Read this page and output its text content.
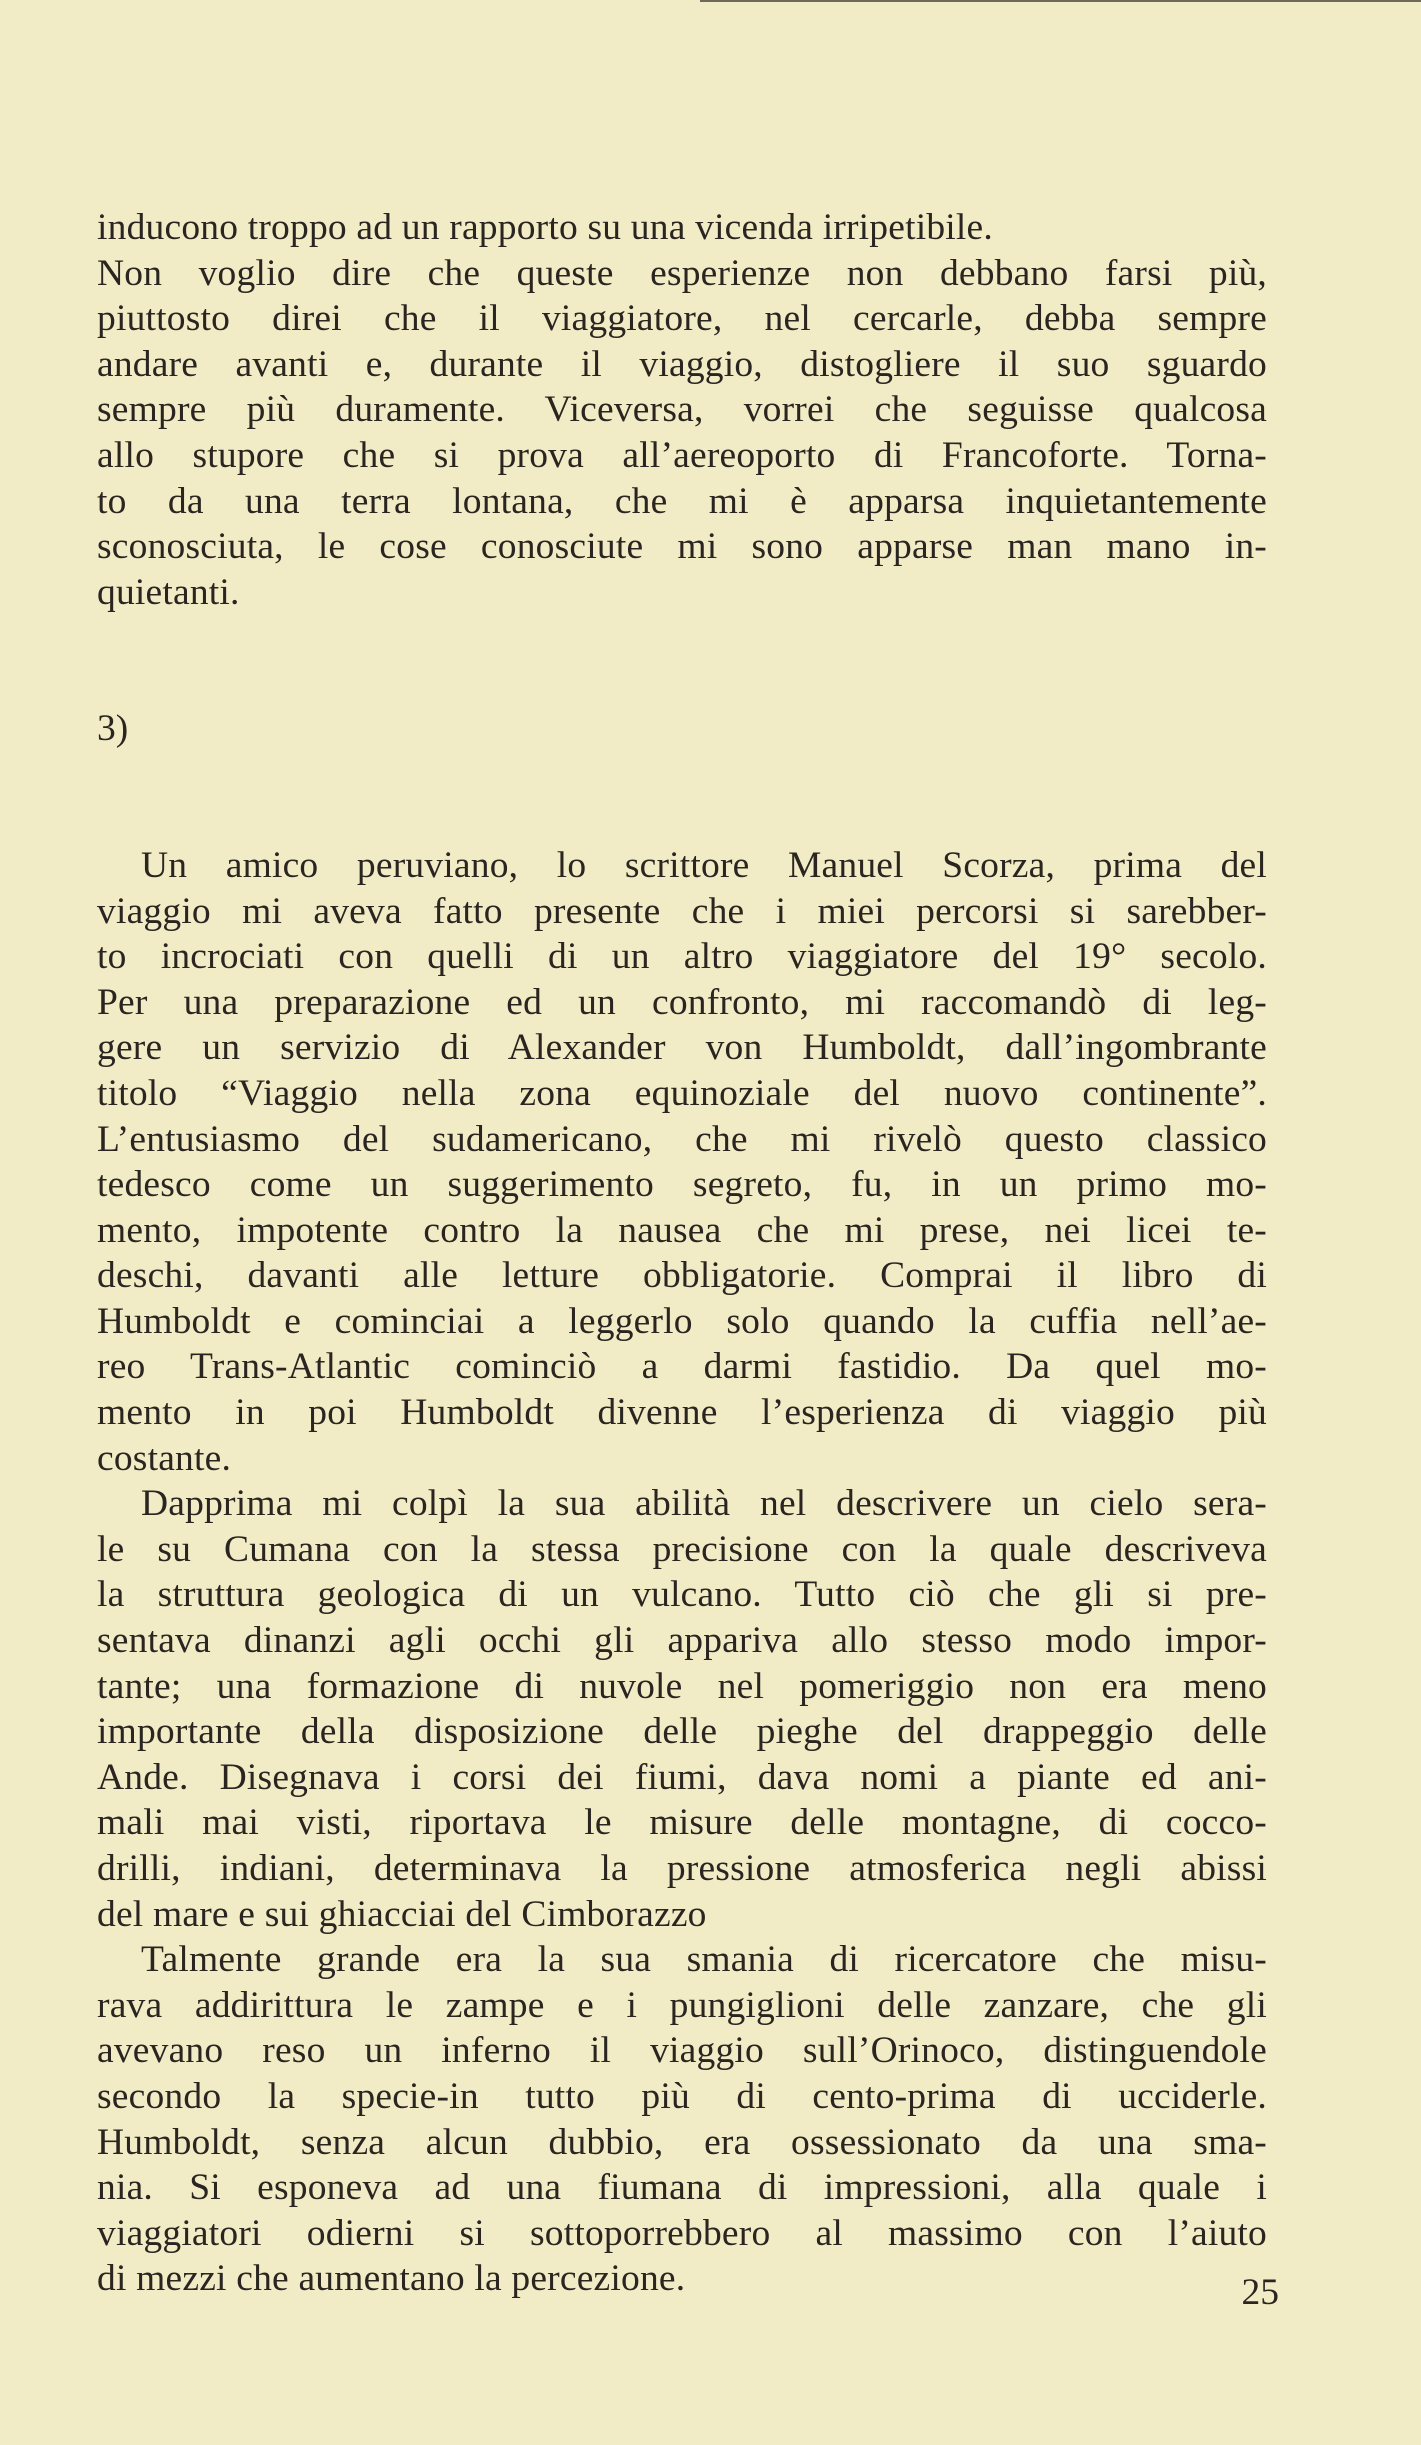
inducono troppo ad un rapporto su una vicenda irripetibile.

Non voglio dire che queste esperienze non debbano farsi più,

piuttosto direi che il viaggiatore, nel cercarle, debba sempre

andare avanti e, durante il viaggio, distogliere il suo sguardo

sempre più duramente. Viceversa, vorrei che seguisse qualcosa

allo stupore che si prova all’aereoporto di Francoforte. Torna-

to da una terra lontana, che mi è apparsa inquietantemente

sconosciuta, le cose conosciute mi sono apparse man mano in-

quietanti.

3)

Un amico peruviano, lo scrittore Manuel Scorza, prima del

viaggio mi aveva fatto presente che i miei percorsi si sarebber-

to incrociati con quelli di un altro viaggiatore del 19° secolo.

Per una preparazione ed un confronto, mi raccomandò di leg-

gere un servizio di Alexander von Humboldt, dall’ingombrante

titolo “Viaggio nella zona equinoziale del nuovo continente”.

L’entusiasmo del sudamericano, che mi rivelò questo classico

tedesco come un suggerimento segreto, fu, in un primo mo-

mento, impotente contro la nausea che mi prese, nei licei te-

deschi, davanti alle letture obbligatorie. Comprai il libro di

Humboldt e cominciai a leggerlo solo quando la cuffia nell’ae-

reo Trans-Atlantic cominciò a darmi fastidio. Da quel mo-

mento in poi Humboldt divenne l’esperienza di viaggio più

costante.

Dapprima mi colpì la sua abilità nel descrivere un cielo sera-

le su Cumana con la stessa precisione con la quale descriveva

la struttura geologica di un vulcano. Tutto ciò che gli si pre-

sentava dinanzi agli occhi gli appariva allo stesso modo impor-

tante; una formazione di nuvole nel pomeriggio non era meno

importante della disposizione delle pieghe del drappeggio delle

Ande. Disegnava i corsi dei fiumi, dava nomi a piante ed ani-

mali mai visti, riportava le misure delle montagne, di cocco-

drilli, indiani, determinava la pressione atmosferica negli abissi

del mare e sui ghiacciai del Cimborazzo

Talmente grande era la sua smania di ricercatore che misu-

rava addirittura le zampe e i pungiglioni delle zanzare, che gli

avevano reso un inferno il viaggio sull’Orinoco, distinguendole

secondo la specie-in tutto più di cento-prima di ucciderle.

Humboldt, senza alcun dubbio, era ossessionato da una sma-

nia. Si esponeva ad una fiumana di impressioni, alla quale i

viaggiatori odierni si sottoporrebbero al massimo con l’aiuto

di mezzi che aumentano la percezione.	25
